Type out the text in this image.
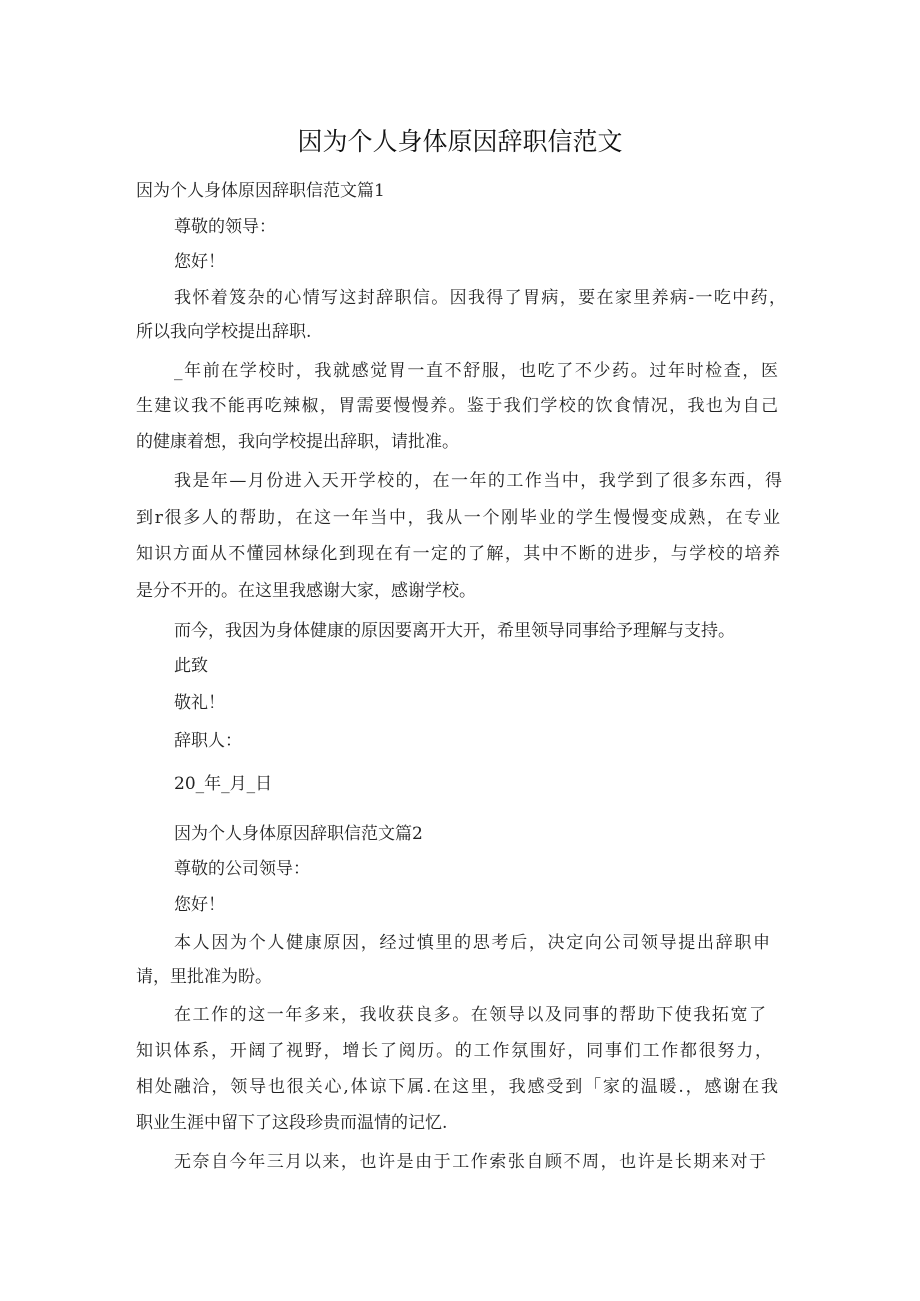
因为个人身体原因辞职信范文
因为个人身体原因辞职信范文篇1
尊敬的领导：
您好！
我怀着笈杂的心情写这封辞职信。因我得了胃病，要在家里养病-一吃中药，
所以我向学校提出辞职.
_年前在学校时，我就感觉胃一直不舒服，也吃了不少药。过年时检查，医
生建议我不能再吃辣椒，胃需要慢慢养。鉴于我们学校的饮食情况，我也为自己
的健康着想，我向学校提出辞职，请批准。
我是年—月份进入天开学校的，在一年的工作当中，我学到了很多东西，得
到r很多人的帮助，在这一年当中，我从一个刚毕业的学生慢慢变成熟，在专业
知识方面从不懂园林绿化到现在有一定的了解，其中不断的进步，与学校的培养
是分不开的。在这里我感谢大家，感谢学校。
而今，我因为身体健康的原因要离开大开，希里领导同事给予理解与支持。
此致
敬礼！
辞职人：
20_年_月_日
因为个人身体原因辞职信范文篇2
尊敬的公司领导：
您好！
本人因为个人健康原因，经过慎里的思考后，决定向公司领导提出辞职申
请，里批准为盼。
在工作的这一年多来，我收获良多。在领导以及同事的帮助下使我拓宽了
知识体系，开阔了视野，增长了阅历。的工作氛围好，同事们工作都很努力，
相处融洽，领导也很关心,体谅下属.在这里，我感受到「家的温暖.，感谢在我
职业生涯中留下了这段珍贵而温情的记忆.
无奈自今年三月以来，也许是由于工作索张自顾不周，也许是长期来对于
